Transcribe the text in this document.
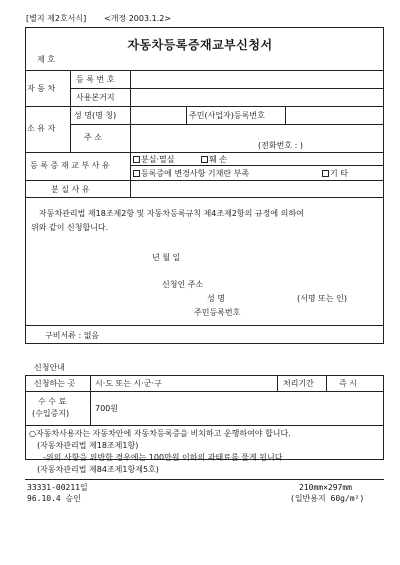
[별지 제2호서식] <개정 2003.1.2>
자동차등록증재교부신청서
제 호
자 동 차
등 록 번 호
사용본거지
소 유 자
성 명(명 칭)	주민(사업자)등록번호
주 소
(전화번호 : )
등 록 증 재 교 부 사 유
분실·멸실	훼 손
등록증에 변경사항 기재란 부족	기 타
분 실 사 유
자동차관리법 제18조제2항 및 자동차등록규칙 제4조제2항의 규정에 의하여
위와 같이 신청합니다.
년 월 일
신청인 주소
성 명	(서명 또는 인)
주민등록번호
구비서류 : 없음
신청안내
신청하는 곳 시·도 또는 시·군·구	처리기간	즉 시
수 수 료
(수입증지)
700원
○자동차사용자는 자동차안에 자동차등록증을 비치하고 운행하여야 합니다.
(자동차관리법 제18조제1항)
-위의 사항을 위반한 경우에는 100만원 이하의 과태료를 물게 됩니다.
(자동차관리법 제84조제1항제5호)
33331-00211일
96.10.4 승인
210mm×297mm
(일반용지 60g/m²)
